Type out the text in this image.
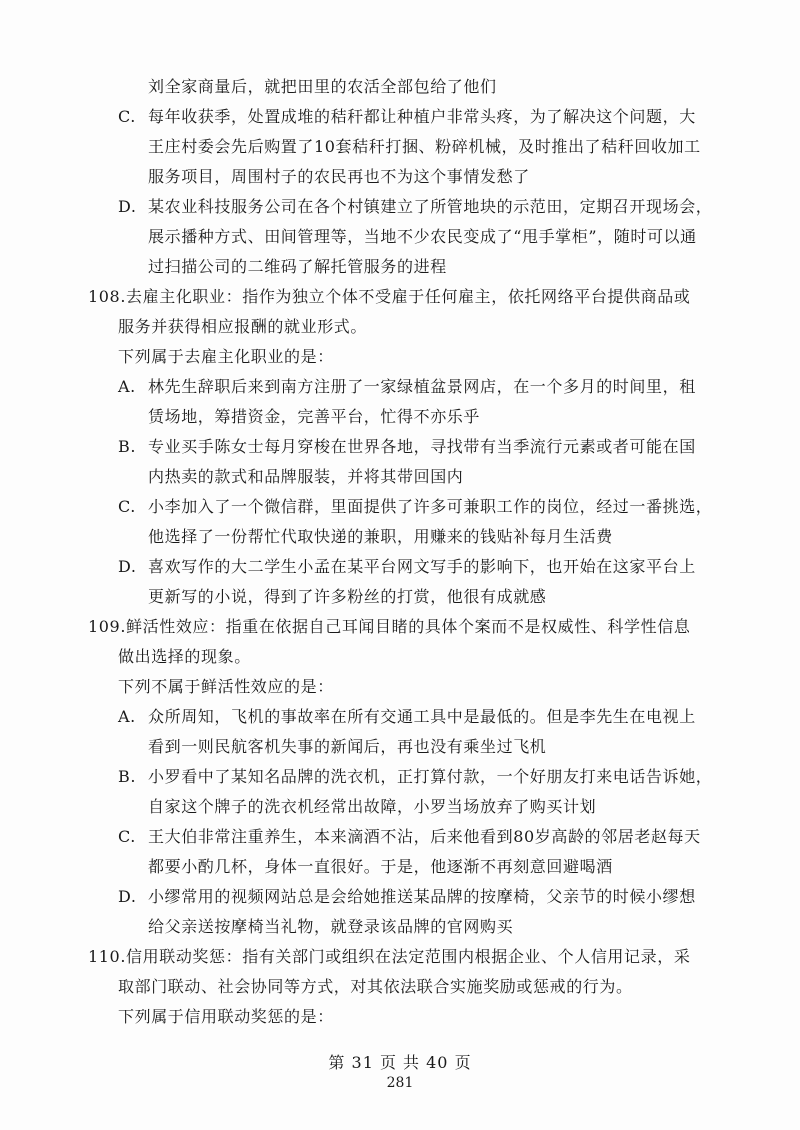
刘全家商量后，就把田里的农活全部包给了他们
C. 每年收获季，处置成堆的秸秆都让种植户非常头疼，为了解决这个问题，大
王庄村委会先后购置了10套秸秆打捆、粉碎机械，及时推出了秸秆回收加工
服务项目，周围村子的农民再也不为这个事情发愁了
D. 某农业科技服务公司在各个村镇建立了所管地块的示范田，定期召开现场会，
展示播种方式、田间管理等，当地不少农民变成了“甩手掌柜”，随时可以通
过扫描公司的二维码了解托管服务的进程
108.去雇主化职业：指作为独立个体不受雇于任何雇主，依托网络平台提供商品或
服务并获得相应报酬的就业形式。
下列属于去雇主化职业的是：
A. 林先生辞职后来到南方注册了一家绿植盆景网店，在一个多月的时间里，租
赁场地，筹措资金，完善平台，忙得不亦乐乎
B. 专业买手陈女士每月穿梭在世界各地，寻找带有当季流行元素或者可能在国
内热卖的款式和品牌服装，并将其带回国内
C. 小李加入了一个微信群，里面提供了许多可兼职工作的岗位，经过一番挑选，
他选择了一份帮忙代取快递的兼职，用赚来的钱贴补每月生活费
D. 喜欢写作的大二学生小孟在某平台网文写手的影响下，也开始在这家平台上
更新写的小说，得到了许多粉丝的打赏，他很有成就感
109.鲜活性效应：指重在依据自己耳闻目睹的具体个案而不是权威性、科学性信息
做出选择的现象。
下列不属于鲜活性效应的是：
A. 众所周知，飞机的事故率在所有交通工具中是最低的。但是李先生在电视上
看到一则民航客机失事的新闻后，再也没有乘坐过飞机
B. 小罗看中了某知名品牌的洗衣机，正打算付款，一个好朋友打来电话告诉她，
自家这个牌子的洗衣机经常出故障，小罗当场放弃了购买计划
C. 王大伯非常注重养生，本来滴酒不沾，后来他看到80岁高龄的邻居老赵每天
都要小酌几杯，身体一直很好。于是，他逐渐不再刻意回避喝酒
D. 小缪常用的视频网站总是会给她推送某品牌的按摩椅，父亲节的时候小缪想
给父亲送按摩椅当礼物，就登录该品牌的官网购买
110.信用联动奖惩：指有关部门或组织在法定范围内根据企业、个人信用记录，采
取部门联动、社会协同等方式，对其依法联合实施奖励或惩戒的行为。
下列属于信用联动奖惩的是：
第 31 页 共 40 页
281
